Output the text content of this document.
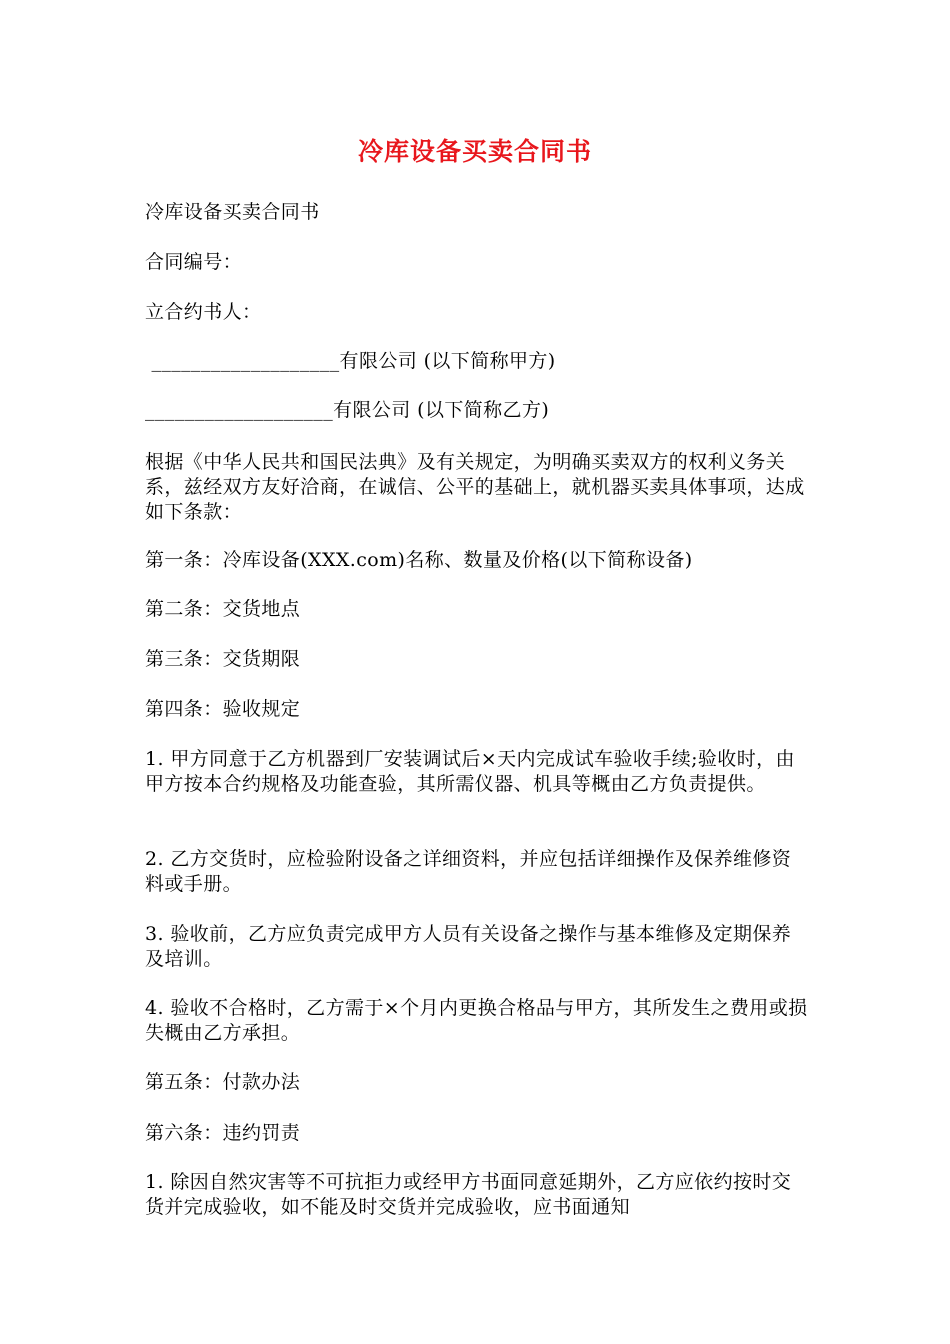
冷库设备买卖合同书
冷库设备买卖合同书
合同编号：
立合约书人：
___________________有限公司 (以下简称甲方)
___________________有限公司 (以下简称乙方)
根据《中华人民共和国民法典》及有关规定，为明确买卖双方的权利义务关系，兹经双方友好洽商，在诚信、公平的基础上，就机器买卖具体事项，达成如下条款：
第一条：冷库设备(XXX.com)名称、数量及价格(以下简称设备)
第二条：交货地点
第三条：交货期限
第四条：验收规定
1. 甲方同意于乙方机器到厂安装调试后×天内完成试车验收手续;验收时，由甲方按本合约规格及功能查验，其所需仪器、机具等概由乙方负责提供。
2. 乙方交货时，应检验附设备之详细资料，并应包括详细操作及保养维修资料或手册。
3. 验收前，乙方应负责完成甲方人员有关设备之操作与基本维修及定期保养及培训。
4. 验收不合格时，乙方需于×个月内更换合格品与甲方，其所发生之费用或损失概由乙方承担。
第五条：付款办法
第六条：违约罚责
1. 除因自然灾害等不可抗拒力或经甲方书面同意延期外，乙方应依约按时交货并完成验收，如不能及时交货并完成验收，应书面通知
